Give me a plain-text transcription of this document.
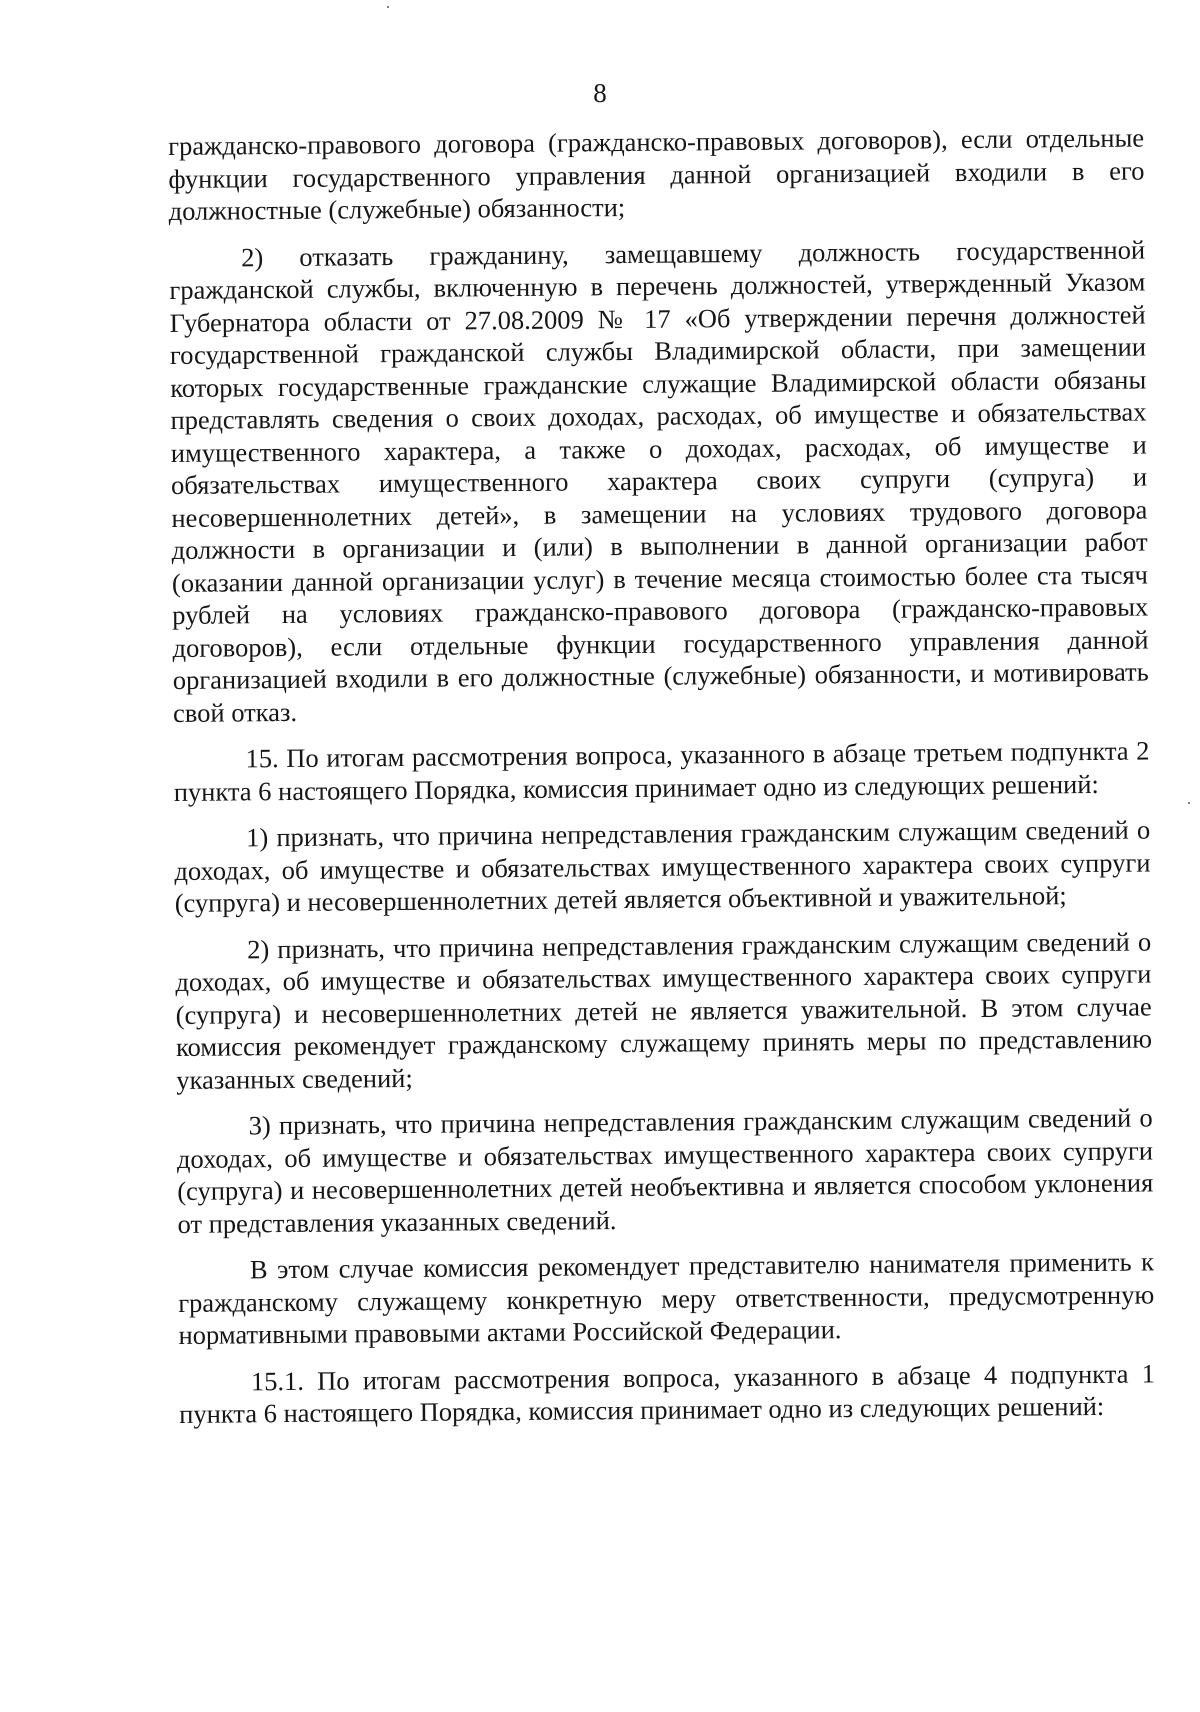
8

гражданско-правового договора (гражданско-правовых договоров), если отдельные функции государственного управления данной организацией входили в его должностные (служебные) обязанности;

2) отказать гражданину, замещавшему должность государственной гражданской службы, включенную в перечень должностей, утвержденный Указом Губернатора области от 27.08.2009 № 17 «Об утверждении перечня должностей государственной гражданской службы Владимирской области, при замещении которых государственные гражданские служащие Владимирской области обязаны представлять сведения о своих доходах, расходах, об имуществе и обязательствах имущественного характера, а также о доходах, расходах, об имуществе и обязательствах имущественного характера своих супруги (супруга) и несовершеннолетних детей», в замещении на условиях трудового договора должности в организации и (или) в выполнении в данной организации работ (оказании данной организации услуг) в течение месяца стоимостью более ста тысяч рублей на условиях гражданско-правового договора (гражданско-правовых договоров), если отдельные функции государственного управления данной организацией входили в его должностные (служебные) обязанности, и мотивировать свой отказ.

15. По итогам рассмотрения вопроса, указанного в абзаце третьем подпункта 2 пункта 6 настоящего Порядка, комиссия принимает одно из следующих решений:

1) признать, что причина непредставления гражданским служащим сведений о доходах, об имуществе и обязательствах имущественного характера своих супруги (супруга) и несовершеннолетних детей является объективной и уважительной;

2) признать, что причина непредставления гражданским служащим сведений о доходах, об имуществе и обязательствах имущественного характера своих супруги (супруга) и несовершеннолетних детей не является уважительной. В этом случае комиссия рекомендует гражданскому служащему принять меры по представлению указанных сведений;

3) признать, что причина непредставления гражданским служащим сведений о доходах, об имуществе и обязательствах имущественного характера своих супруги (супруга) и несовершеннолетних детей необъективна и является способом уклонения от представления указанных сведений.

В этом случае комиссия рекомендует представителю нанимателя применить к гражданскому служащему конкретную меру ответственности, предусмотренную нормативными правовыми актами Российской Федерации.

15.1. По итогам рассмотрения вопроса, указанного в абзаце 4 подпункта 1 пункта 6 настоящего Порядка, комиссия принимает одно из следующих решений:
